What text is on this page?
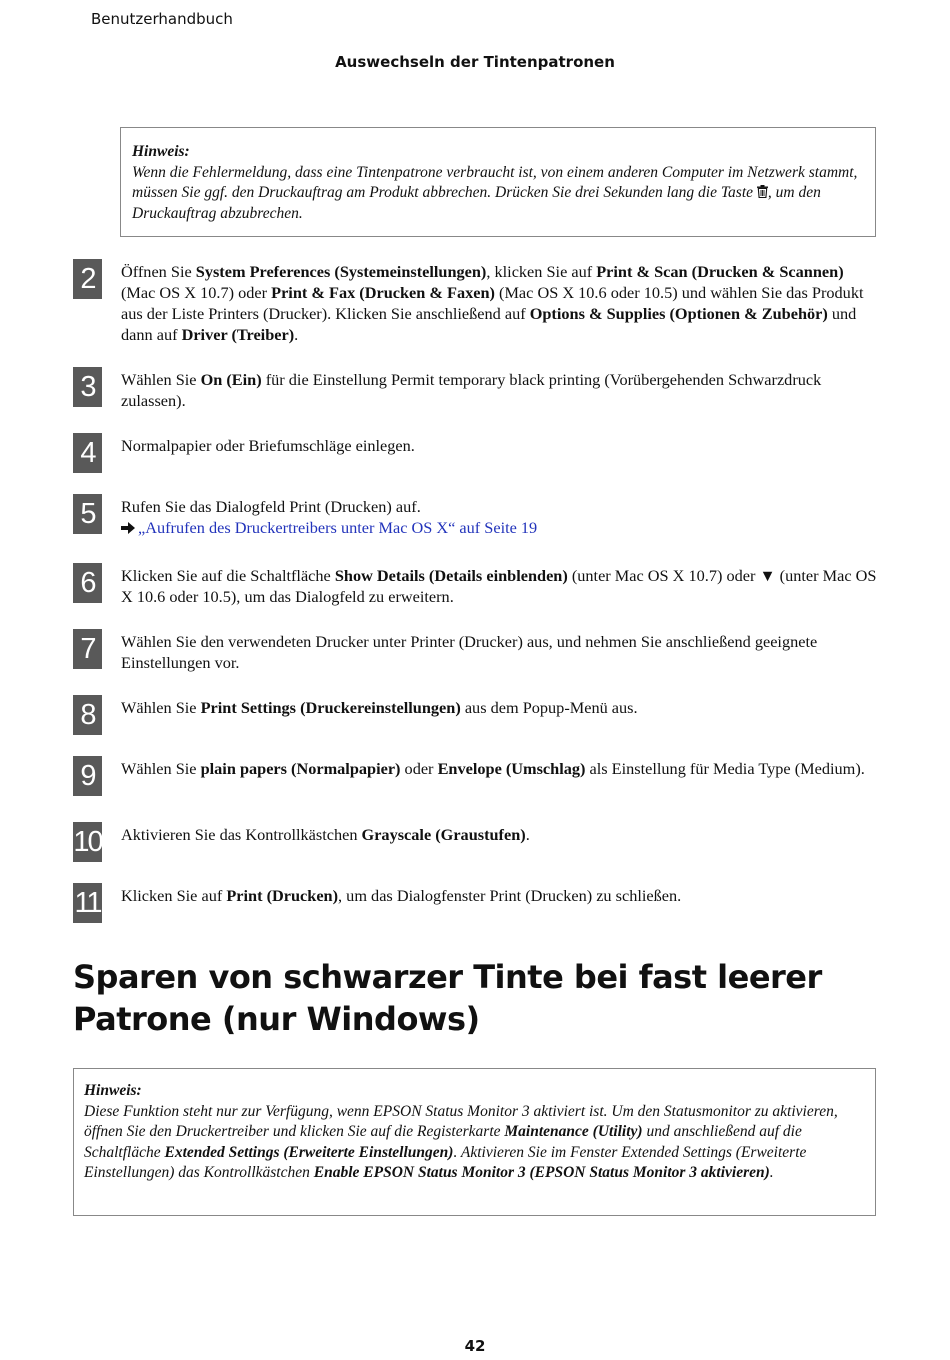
Benutzerhandbuch
Auswechseln der Tintenpatronen
Hinweis:
Wenn die Fehlermeldung, dass eine Tintenpatrone verbraucht ist, von einem anderen Computer im Netzwerk stammt, müssen Sie ggf. den Druckauftrag am Produkt abbrechen. Drücken Sie drei Sekunden lang die Taste , um den Druckauftrag abzubrechen.
2	Öffnen Sie System Preferences (Systemeinstellungen), klicken Sie auf Print & Scan (Drucken & Scannen) (Mac OS X 10.7) oder Print & Fax (Drucken & Faxen) (Mac OS X 10.6 oder 10.5) und wählen Sie das Produkt aus der Liste Printers (Drucker). Klicken Sie anschließend auf Options & Supplies (Optionen & Zubehör) und dann auf Driver (Treiber).
3	Wählen Sie On (Ein) für die Einstellung Permit temporary black printing (Vorübergehenden Schwarzdruck zulassen).
4	Normalpapier oder Briefumschläge einlegen.
5	Rufen Sie das Dialogfeld Print (Drucken) auf.
„Aufrufen des Druckertreibers unter Mac OS X“ auf Seite 19
6	Klicken Sie auf die Schaltfläche Show Details (Details einblenden) (unter Mac OS X 10.7) oder ▼ (unter Mac OS X 10.6 oder 10.5), um das Dialogfeld zu erweitern.
7	Wählen Sie den verwendeten Drucker unter Printer (Drucker) aus, und nehmen Sie anschließend geeignete Einstellungen vor.
8	Wählen Sie Print Settings (Druckereinstellungen) aus dem Popup-Menü aus.
9	Wählen Sie plain papers (Normalpapier) oder Envelope (Umschlag) als Einstellung für Media Type (Medium).
10 Aktivieren Sie das Kontrollkästchen Grayscale (Graustufen).
11 Klicken Sie auf Print (Drucken), um das Dialogfenster Print (Drucken) zu schließen.
Sparen von schwarzer Tinte bei fast leerer Patrone (nur Windows)
Hinweis:
Diese Funktion steht nur zur Verfügung, wenn EPSON Status Monitor 3 aktiviert ist. Um den Statusmonitor zu aktivieren, öffnen Sie den Druckertreiber und klicken Sie auf die Registerkarte Maintenance (Utility) und anschließend auf die Schaltfläche Extended Settings (Erweiterte Einstellungen). Aktivieren Sie im Fenster Extended Settings (Erweiterte Einstellungen) das Kontrollkästchen Enable EPSON Status Monitor 3 (EPSON Status Monitor 3 aktivieren).
42
